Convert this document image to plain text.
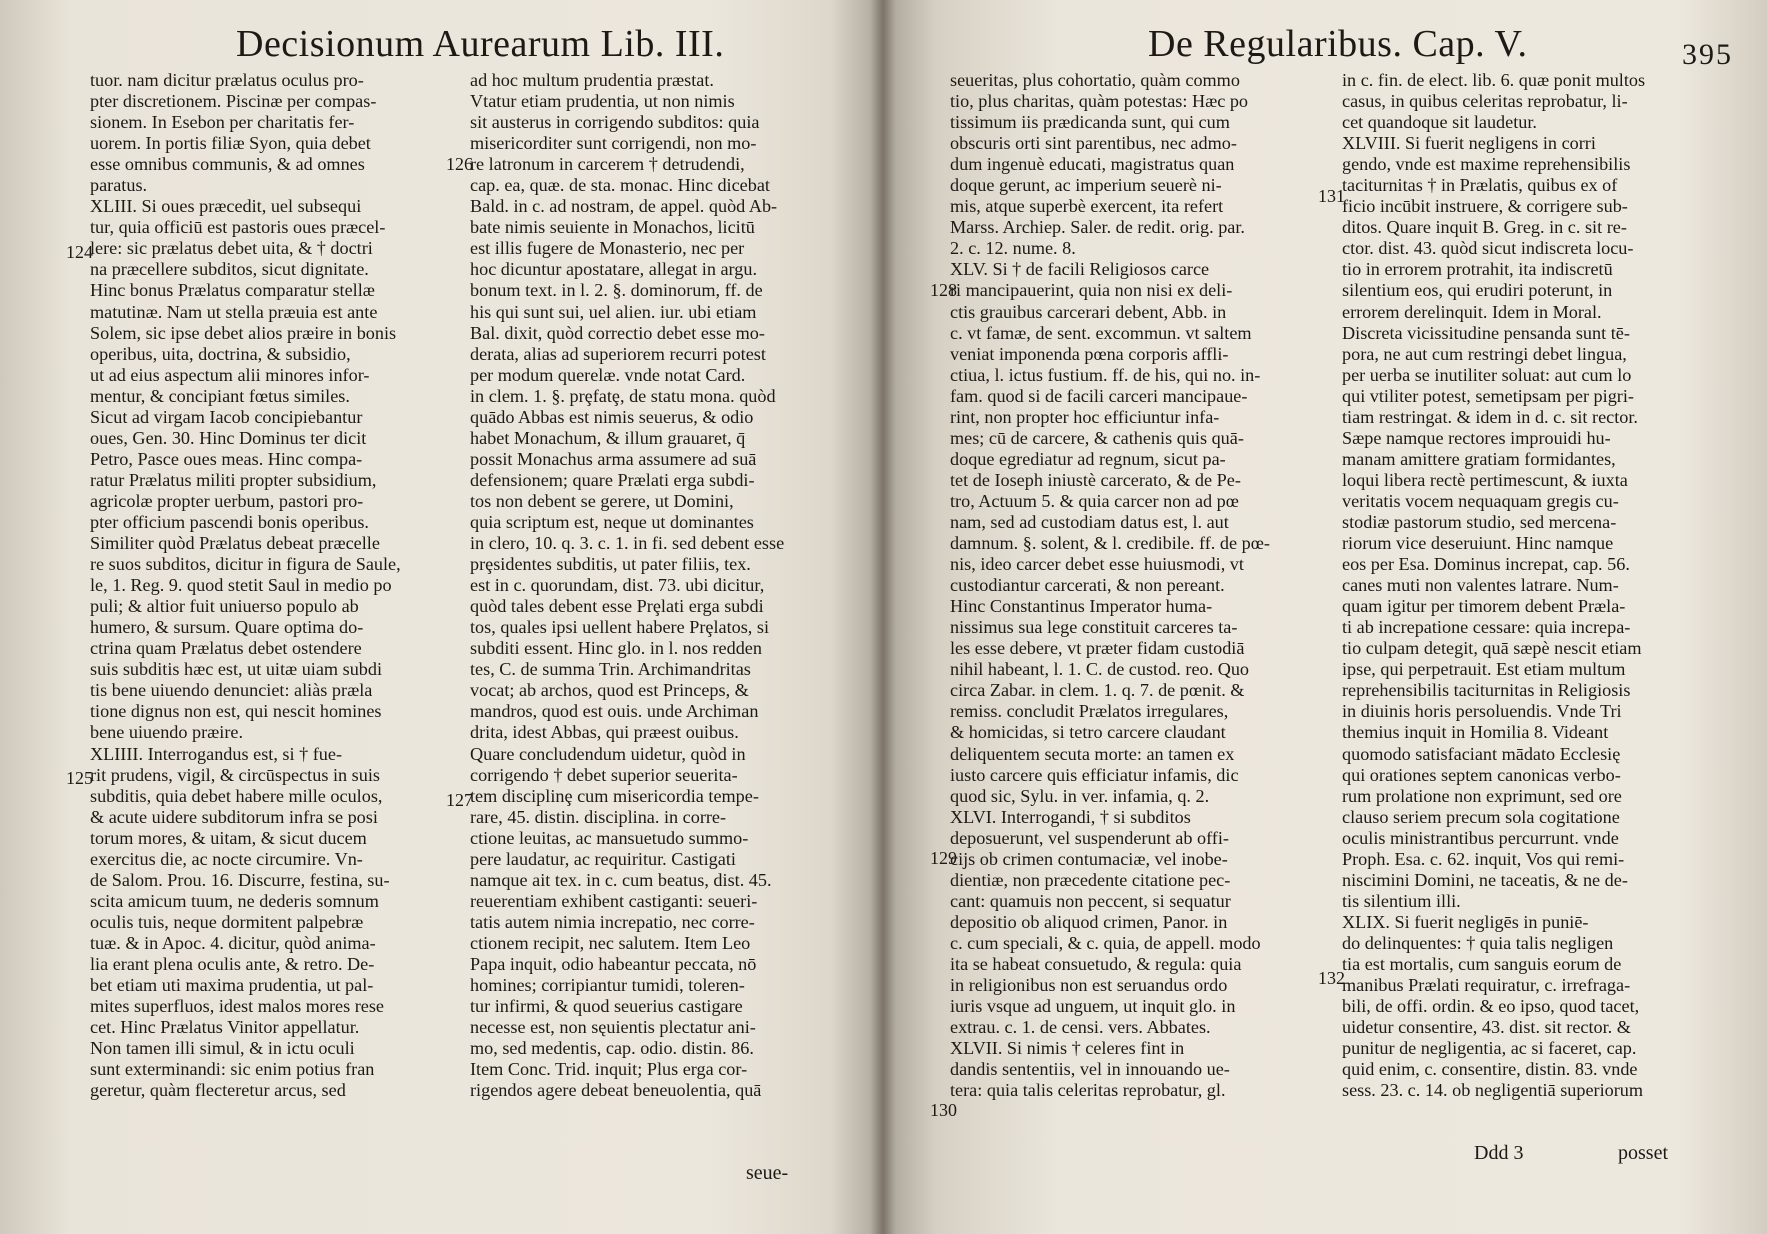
Decisionum Aurearum Lib. III.
tuor. nam dicitur prælatus oculus pro-
pter discretionem. Piscinæ per compas-
sionem. In Esebon per charitatis fer-
uorem. In portis filiæ Syon, quia debet
esse omnibus communis, & ad omnes
paratus.
XLIII. Si oues præcedit, uel subsequi
tur, quia officiū est pastoris oues præcel-
lere: sic prælatus debet uita, & † doctri
na præcellere subditos, sicut dignitate.
Hinc bonus Prælatus comparatur stellæ
matutinæ. Nam ut stella præuia est ante
Solem, sic ipse debet alios præire in bonis
operibus, uita, doctrina, & subsidio,
ut ad eius aspectum alii minores infor-
mentur, & concipiant fœtus similes.
Sicut ad virgam Iacob concipiebantur
oues, Gen. 30. Hinc Dominus ter dicit
Petro, Pasce oues meas. Hinc compa-
ratur Prælatus militi propter subsidium,
agricolæ propter uerbum, pastori pro-
pter officium pascendi bonis operibus.
Similiter quòd Prælatus debeat præcelle
re suos subditos, dicitur in figura de Saule,
le, 1. Reg. 9. quod stetit Saul in medio po
puli; & altior fuit uniuerso populo ab
humero, & sursum. Quare optima do-
ctrina quam Prælatus debet ostendere
suis subditis hæc est, ut uitæ uiam subdi
tis bene uiuendo denunciet: aliàs præla
tione dignus non est, qui nescit homines
bene uiuendo præire.
XLIIII. Interrogandus est, si † fue-
rit prudens, vigil, & circūspectus in suis
subditis, quia debet habere mille oculos,
& acute uidere subditorum infra se posi
torum mores, & uitam, & sicut ducem
exercitus die, ac nocte circumire. Vn-
de Salom. Prou. 16. Discurre, festina, su-
scita amicum tuum, ne dederis somnum
oculis tuis, neque dormitent palpebræ
tuæ. & in Apoc. 4. dicitur, quòd anima-
lia erant plena oculis ante, & retro. De-
bet etiam uti maxima prudentia, ut pal-
mites superfluos, idest malos mores rese
cet. Hinc Prælatus Vinitor appellatur.
Non tamen illi simul, & in ictu oculi
sunt exterminandi: sic enim potius fran
geretur, quàm flecteretur arcus, sed
ad hoc multum prudentia præstat.
Vtatur etiam prudentia, ut non nimis
sit austerus in corrigendo subditos: quia
misericorditer sunt corrigendi, non mo-
re latronum in carcerem † detrudendi,
cap. ea, quæ. de sta. monac. Hinc dicebat
Bald. in c. ad nostram, de appel. quòd Ab-
bate nimis seuiente in Monachos, licitū
est illis fugere de Monasterio, nec per
hoc dicuntur apostatare, allegat in argu.
bonum text. in l. 2. §. dominorum, ff. de
his qui sunt sui, uel alien. iur. ubi etiam
Bal. dixit, quòd correctio debet esse mo-
derata, alias ad superiorem recurri potest
per modum querelæ. vnde notat Card.
in clem. 1. §. prȩfatȩ, de statu mona. quòd
quādo Abbas est nimis seuerus, & odio
habet Monachum, & illum grauaret, q̄
possit Monachus arma assumere ad suā
defensionem; quare Prælati erga subdi-
tos non debent se gerere, ut Domini,
quia scriptum est, neque ut dominantes
in clero, 10. q. 3. c. 1. in fi. sed debent esse
prȩsidentes subditis, ut pater filiis, tex.
est in c. quorundam, dist. 73. ubi dicitur,
quòd tales debent esse Prȩlati erga subdi
tos, quales ipsi uellent habere Prȩlatos, si
subditi essent. Hinc glo. in l. nos redden
tes, C. de summa Trin. Archimandritas
vocat; ab archos, quod est Princeps, &
mandros, quod est ouis. unde Archiman
drita, idest Abbas, qui præest ouibus.
Quare concludendum uidetur, quòd in
corrigendo † debet superior seuerita-
tem disciplinȩ cum misericordia tempe-
rare, 45. distin. disciplina. in corre-
ctione leuitas, ac mansuetudo summo-
pere laudatur, ac requiritur. Castigati
namque ait tex. in c. cum beatus, dist. 45.
reuerentiam exhibent castiganti: seueri-
tatis autem nimia increpatio, nec corre-
ctionem recipit, nec salutem. Item Leo
Papa inquit, odio habeantur peccata, nō
homines; corripiantur tumidi, toleren-
tur infirmi, & quod seuerius castigare
necesse est, non sęuientis plectatur ani-
mo, sed medentis, cap. odio. distin. 86.
Item Conc. Trid. inquit; Plus erga cor-
rigendos agere debeat beneuolentia, quā
124
125
126
127
seue-
De Regularibus. Cap. V.	395
seueritas, plus cohortatio, quàm commo
tio, plus charitas, quàm potestas: Hæc po
tissimum iis prædicanda sunt, qui cum
obscuris orti sint parentibus, nec admo-
dum ingenuè educati, magistratus quan
doque gerunt, ac imperium seuerè ni-
mis, atque superbè exercent, ita refert
Marss. Archiep. Saler. de redit. orig. par.
2. c. 12. nume. 8.
XLV. Si † de facili Religiosos carce
ri mancipauerint, quia non nisi ex deli-
ctis grauibus carcerari debent, Abb. in
c. vt famæ, de sent. excommun. vt saltem
veniat imponenda pœna corporis affli-
ctiua, l. ictus fustium. ff. de his, qui no. in-
fam. quod si de facili carceri mancipaue-
rint, non propter hoc efficiuntur infa-
mes; cū de carcere, & cathenis quis quā-
doque egrediatur ad regnum, sicut pa-
tet de Ioseph iniustè carcerato, & de Pe-
tro, Actuum 5. & quia carcer non ad pœ
nam, sed ad custodiam datus est, l. aut
damnum. §. solent, & l. credibile. ff. de pœ-
nis, ideo carcer debet esse huiusmodi, vt
custodiantur carcerati, & non pereant.
Hinc Constantinus Imperator huma-
nissimus sua lege constituit carceres ta-
les esse debere, vt præter fidam custodiā
nihil habeant, l. 1. C. de custod. reo. Quo
circa Zabar. in clem. 1. q. 7. de pœnit. &
remiss. concludit Prælatos irregulares,
& homicidas, si tetro carcere claudant
deliquentem secuta morte: an tamen ex
iusto carcere quis efficiatur infamis, dic
quod sic, Sylu. in ver. infamia, q. 2.
XLVI. Interrogandi, † si subditos
deposuerunt, vel suspenderunt ab offi-
cijs ob crimen contumaciæ, vel inobe-
dientiæ, non præcedente citatione pec-
cant: quamuis non peccent, si sequatur
depositio ob aliquod crimen, Panor. in
c. cum speciali, & c. quia, de appell. modo
ita se habeat consuetudo, & regula: quia
in religionibus non est seruandus ordo
iuris vsque ad unguem, ut inquit glo. in
extrau. c. 1. de censi. vers. Abbates.
XLVII. Si nimis † celeres fint in
dandis sententiis, vel in innouando ue-
tera: quia talis celeritas reprobatur, gl.
in c. fin. de elect. lib. 6. quæ ponit multos
casus, in quibus celeritas reprobatur, li-
cet quandoque sit laudetur.
XLVIII. Si fuerit negligens in corri
gendo, vnde est maxime reprehensibilis
taciturnitas † in Prælatis, quibus ex of
ficio incūbit instruere, & corrigere sub-
ditos. Quare inquit B. Greg. in c. sit re-
ctor. dist. 43. quòd sicut indiscreta locu-
tio in errorem protrahit, ita indiscretū
silentium eos, qui erudiri poterunt, in
errorem derelinquit. Idem in Moral.
Discreta vicissitudine pensanda sunt tē-
pora, ne aut cum restringi debet lingua,
per uerba se inutiliter soluat: aut cum lo
qui vtiliter potest, semetipsam per pigri-
tiam restringat. & idem in d. c. sit rector.
Sæpe namque rectores improuidi hu-
manam amittere gratiam formidantes,
loqui libera rectè pertimescunt, & iuxta
veritatis vocem nequaquam gregis cu-
stodiæ pastorum studio, sed mercena-
riorum vice deseruiunt. Hinc namque
eos per Esa. Dominus increpat, cap. 56.
canes muti non valentes latrare. Num-
quam igitur per timorem debent Præla-
ti ab increpatione cessare: quia increpa-
tio culpam detegit, quā sæpè nescit etiam
ipse, qui perpetrauit. Est etiam multum
reprehensibilis taciturnitas in Religiosis
in diuinis horis persoluendis. Vnde Tri
themius inquit in Homilia 8. Videant
quomodo satisfaciant mādato Ecclesię
qui orationes septem canonicas verbo-
rum prolatione non exprimunt, sed ore
clauso seriem precum sola cogitatione
oculis ministrantibus percurrunt. vnde
Proph. Esa. c. 62. inquit, Vos qui remi-
niscimini Domini, ne taceatis, & ne de-
tis silentium illi.
XLIX. Si fuerit negligēs in puniē-
do delinquentes: † quia talis negligen
tia est mortalis, cum sanguis eorum de
manibus Prælati requiratur, c. irrefraga-
bili, de offi. ordin. & eo ipso, quod tacet,
uidetur consentire, 43. dist. sit rector. &
punitur de negligentia, ac si faceret, cap.
quid enim, c. consentire, distin. 83. vnde
sess. 23. c. 14. ob negligentiā superiorum
128
129
130
131
132
Ddd 3	posset
